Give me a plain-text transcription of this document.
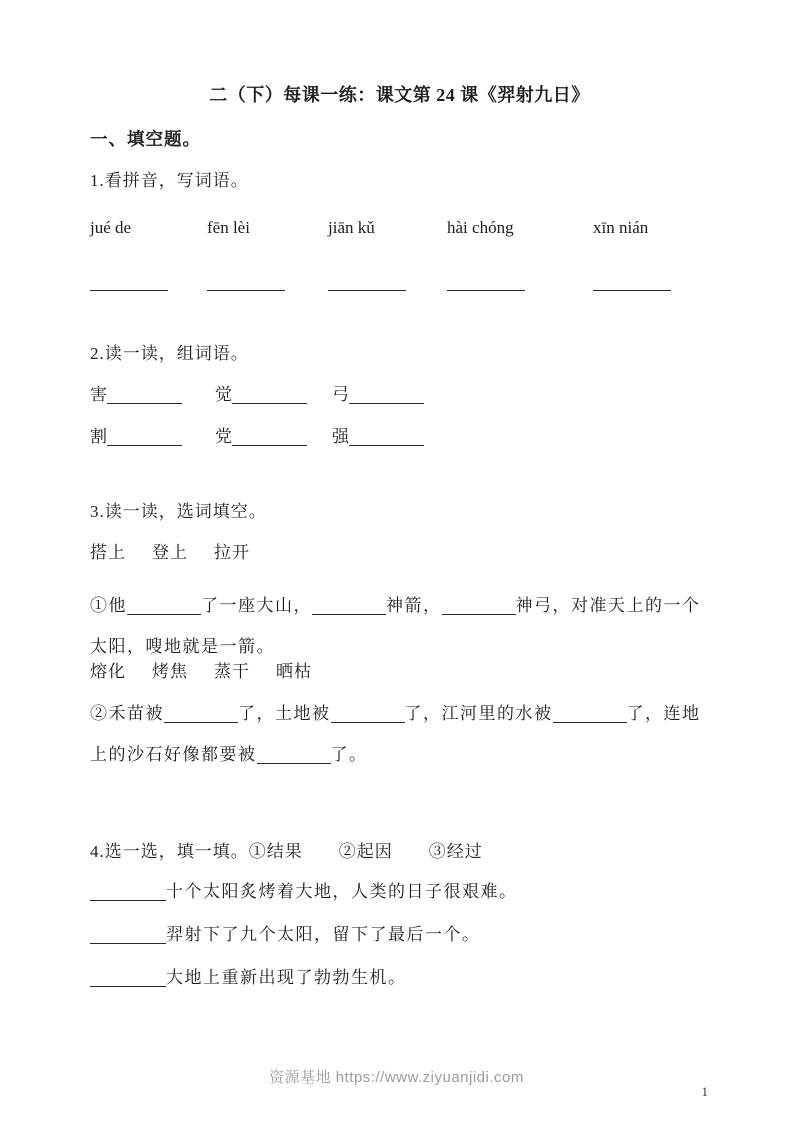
二（下）每课一练：课文第 24 课《羿射九日》
一、填空题。
1.看拼音，写词语。
jué de	fēn lèi	jiān kǔ	hài chóng	xīn nián
2.读一读，组词语。
害	觉	弓
割	党	强
3.读一读，选词填空。
搭上 登上 拉开
①他	了一座大山，	神箭，	神弓，对准天上的一个
太阳，嗖地就是一箭。
熔化 烤焦 蒸干 晒枯
②禾苗被	了，土地被	了，江河里的水被	了，连地
上的沙石好像都要被	了。
4.选一选，填一填。①结果 ②起因 ③经过
十个太阳炙烤着大地，人类的日子很艰难。
羿射下了九个太阳，留下了最后一个。
大地上重新出现了勃勃生机。
资源基地 https://www.ziyuanjidi.com
1
